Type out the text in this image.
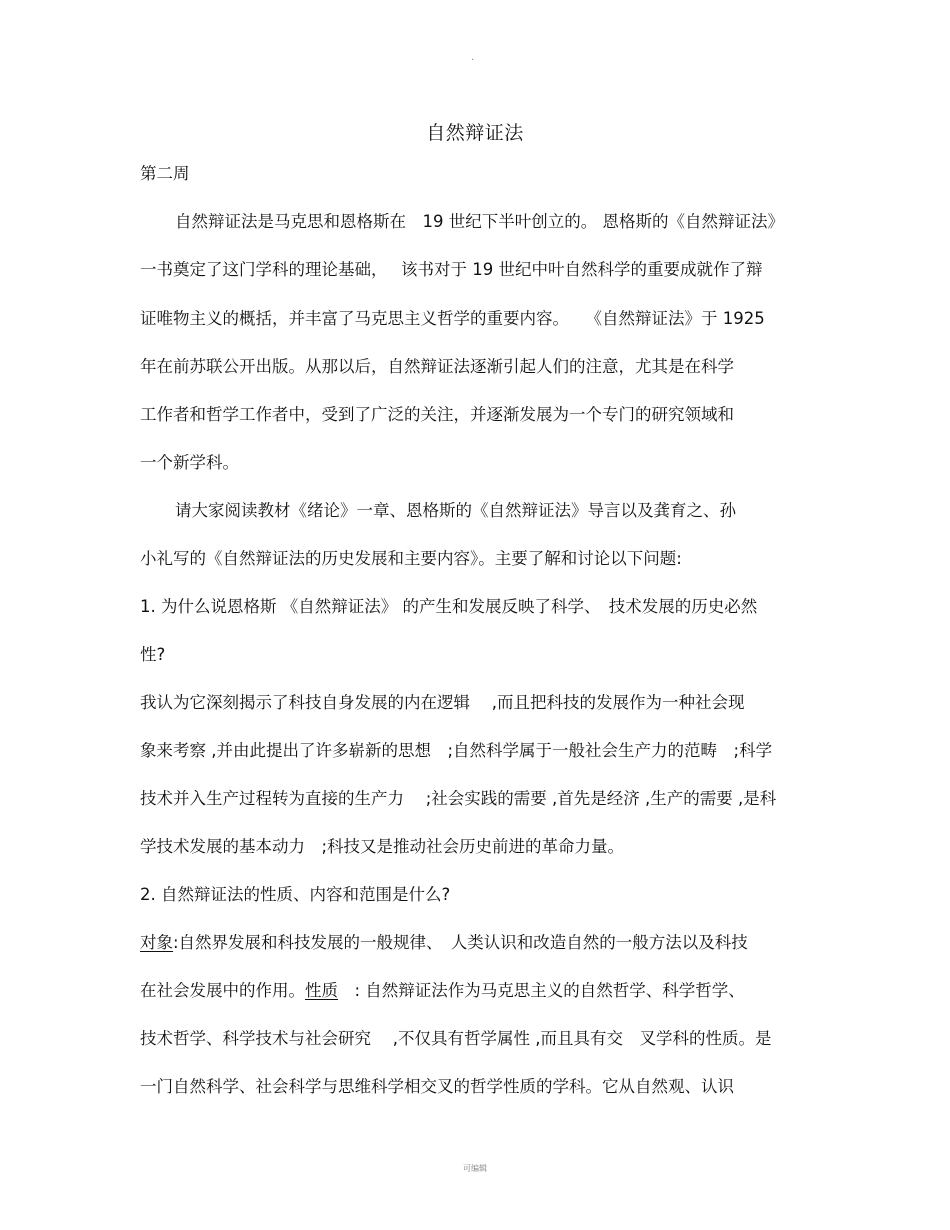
.
自然辩证法
第二周
自然辩证法是马克思和恩格斯在　19 世纪下半叶创立的。 恩格斯的《自然辩证法》
一书奠定了这门学科的理论基础，　 该书对于 19 世纪中叶自然科学的重要成就作了辩
证唯物主义的概括，并丰富了马克思主义哲学的重要内容。　　《自然辩证法》于 1925
年在前苏联公开出版。从那以后，自然辩证法逐渐引起人们的注意，尤其是在科学
工作者和哲学工作者中，受到了广泛的关注，并逐渐发展为一个专门的研究领域和
一个新学科。
请大家阅读教材《绪论》一章、恩格斯的《自然辩证法》导言以及龚育之、孙
小礼写的《自然辩证法的历史发展和主要内容》。主要了解和讨论以下问题:
1. 为什么说恩格斯 《自然辩证法》 的产生和发展反映了科学、　技术发展的历史必然
性?
我认为它深刻揭示了科技自身发展的内在逻辑　 ,而且把科技的发展作为一种社会现
象来考察 ,并由此提出了许多崭新的思想　;自然科学属于一般社会生产力的范畴　;科学
技术并入生产过程转为直接的生产力　 ;社会实践的需要 ,首先是经济 ,生产的需要 ,是科
学技术发展的基本动力　;科技又是推动社会历史前进的革命力量。
2. 自然辩证法的性质、内容和范围是什么?
对象:自然界发展和科技发展的一般规律、　人类认识和改造自然的一般方法以及科技
在社会发展中的作用。性质　: 自然辩证法作为马克思主义的自然哲学、科学哲学、
技术哲学、科学技术与社会研究　 ,不仅具有哲学属性 ,而且具有交　叉学科的性质。是
一门自然科学、社会科学与思维科学相交叉的哲学性质的学科。它从自然观、认识
可编辑
